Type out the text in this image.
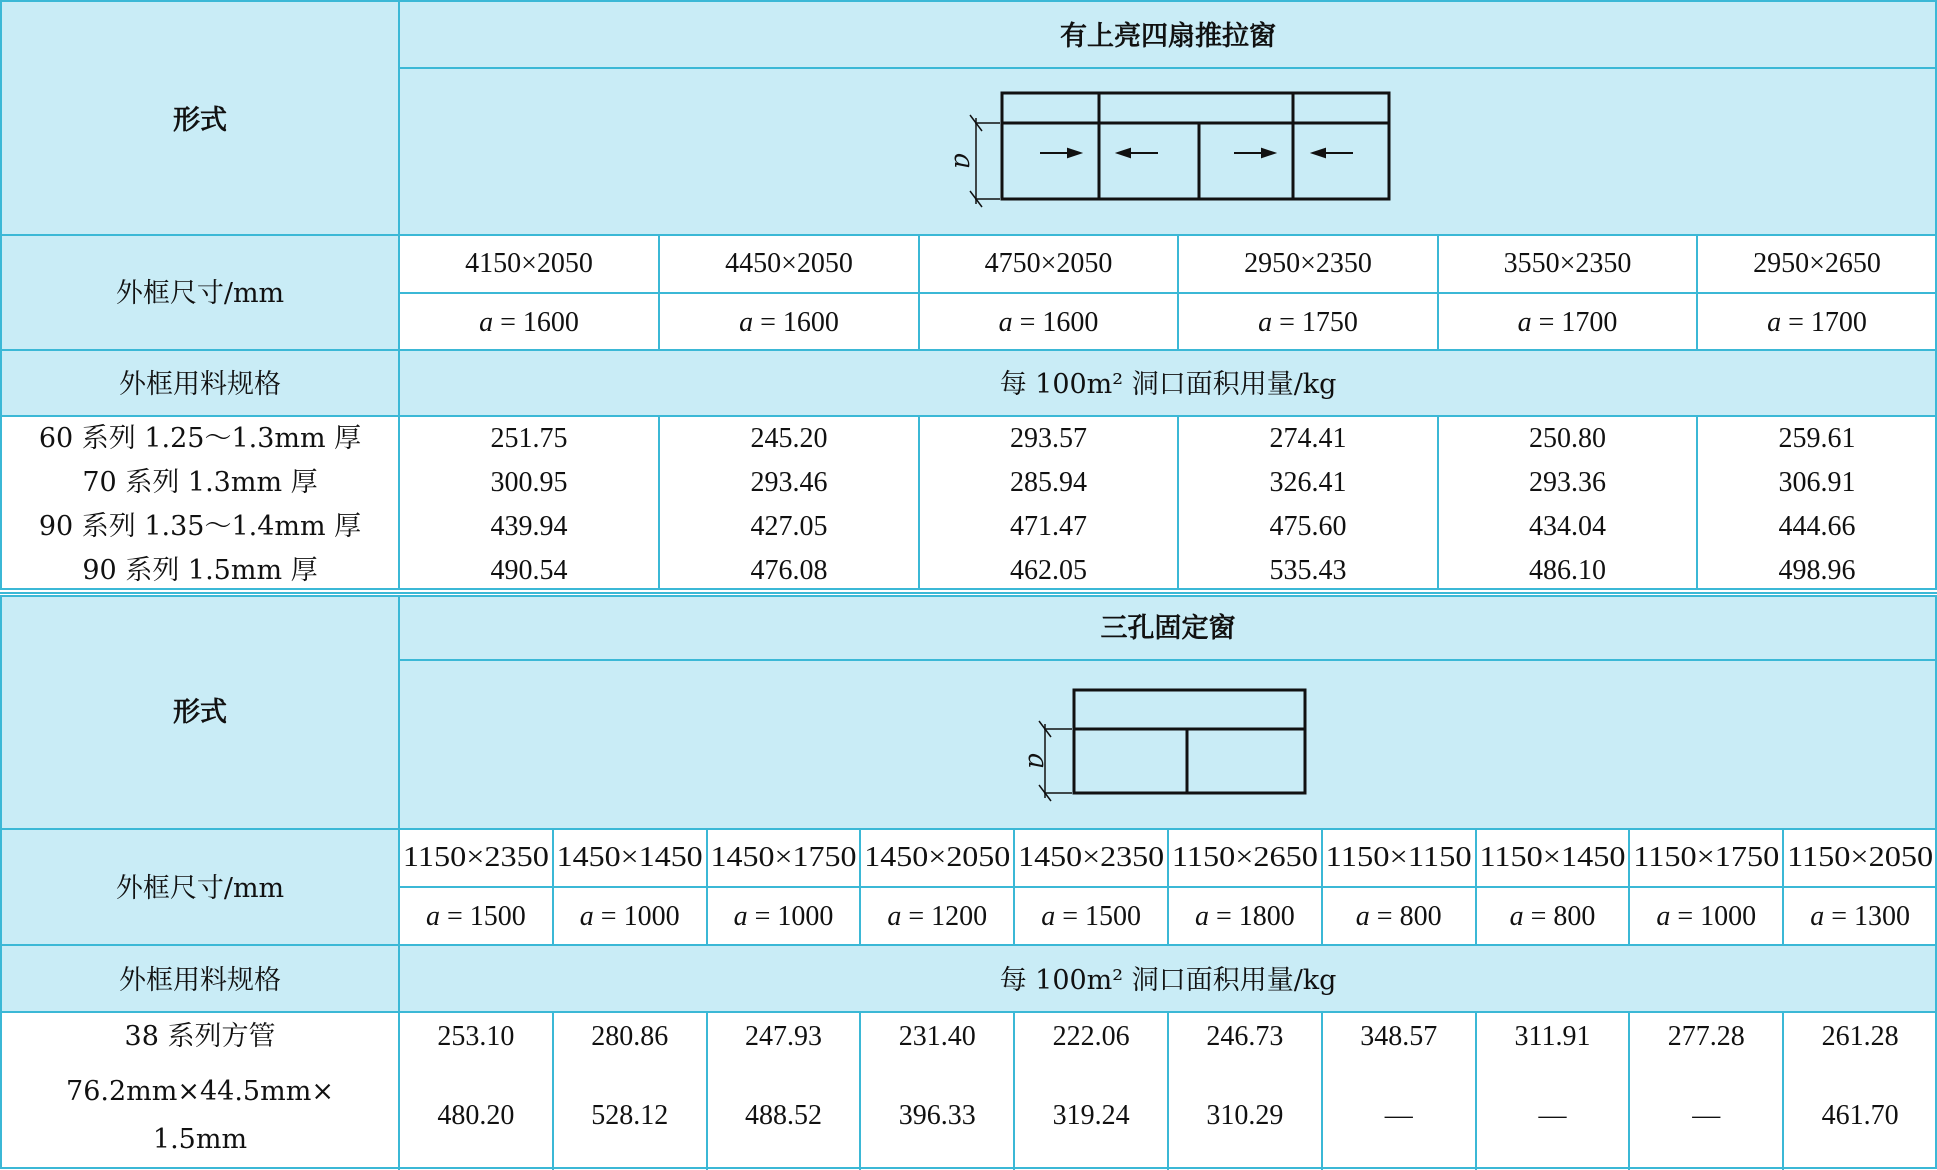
形式
有上亮四扇推拉窗
a
外框尺寸/mm
4150×2050	4450×2050	4750×2050	2950×2350	3550×2350	2950×2650
a = 1600	a = 1600	a = 1600	a = 1750	a = 1700	a = 1700
外框用料规格	每 100m² 洞口面积用量/kg
60 系列 1.25～1.3mm 厚	251.75	245.20	293.57	274.41	250.80	259.61
70 系列 1.3mm 厚	300.95	293.46	285.94	326.41	293.36	306.91
90 系列 1.35～1.4mm 厚	439.94	427.05	471.47	475.60	434.04	444.66
90 系列 1.5mm 厚	490.54	476.08	462.05	535.43	486.10	498.96
形式
三孔固定窗
a
外框尺寸/mm
1150×2350 1450×1450 1450×1750 1450×2050 1450×2350 1150×2650 1150×1150 1150×1450 1150×1750 1150×2050
a = 1500 a = 1000 a = 1000 a = 1200 a = 1500 a = 1800 a = 800 a = 800 a = 1000 a = 1300
外框用料规格	每 100m² 洞口面积用量/kg
38 系列方管
76.2mm×44.5mm×
1.5mm
253.10	280.86	247.93	231.40	222.06	246.73	348.57	311.91	277.28	261.28
480.20	528.12	488.52	396.33	319.24	310.29	—	—	—	461.70
